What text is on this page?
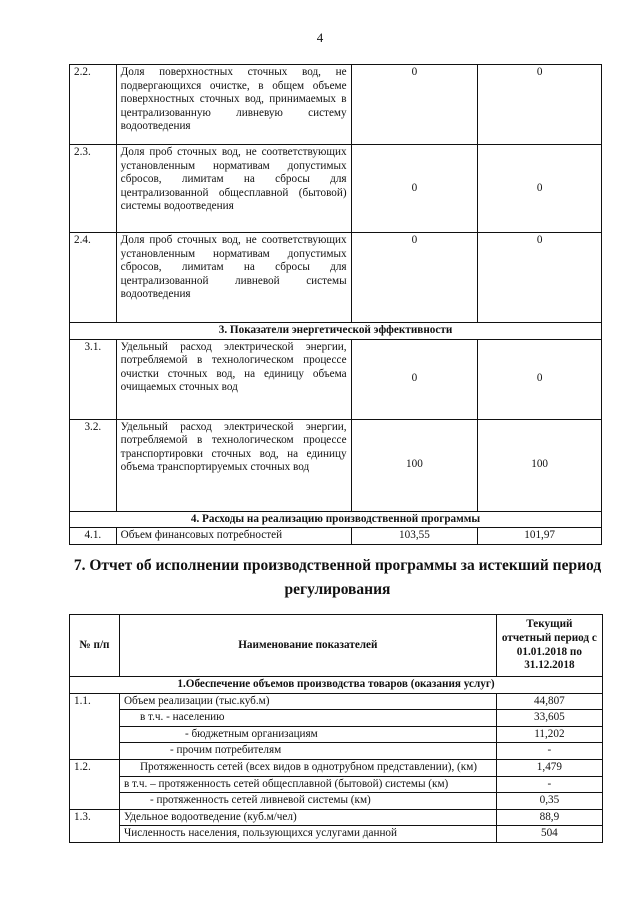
4
2.2.	Доля поверхностных сточных вод, не подвергающихся очистке, в общем объеме поверхностных сточных вод, принимаемых в централизованную ливневую систему водоотведения	0	0
2.3.	Доля проб сточных вод, не соответствующих установленным нормативам допустимых сбросов, лимитам на сбросы для централизованной общесплавной (бытовой) системы водоотведения	0	0
2.4.	Доля проб сточных вод, не соответствующих установленным нормативам допустимых сбросов, лимитам на сбросы для централизованной ливневой системы водоотведения	0	0
3. Показатели энергетической эффективности			
3.1.	Удельный расход электрической энергии, потребляемой в технологическом процессе очистки сточных вод, на единицу объема очищаемых сточных вод	0	0
3.2.	Удельный расход электрической энергии, потребляемой в технологическом процессе транспортировки сточных вод, на единицу объема транспортируемых сточных вод	100	100
4. Расходы на реализацию производственной программы			
4.1.	Объем финансовых потребностей	103,55	101,97
7. Отчет об исполнении производственной программы за истекший период регулирования
№ п/п	Наименование показателей	Текущий отчетный период с 01.01.2018 по 31.12.2018
1.Обеспечение объемов производства товаров (оказания услуг)		
1.1.	Объем реализации (тыс.куб.м)	44,807
	в т.ч. - населению	33,605
	- бюджетным организациям	11,202
	- прочим потребителям	-
1.2.	Протяженность сетей (всех видов в однотрубном представлении), (км)	1,479
	в т.ч. – протяженность сетей общесплавной (бытовой) системы (км)	-
	- протяженность сетей ливневой системы (км)	0,35
1.3.	Удельное водоотведение (куб.м/чел)	88,9
	Численность населения, пользующихся услугами данной	504
